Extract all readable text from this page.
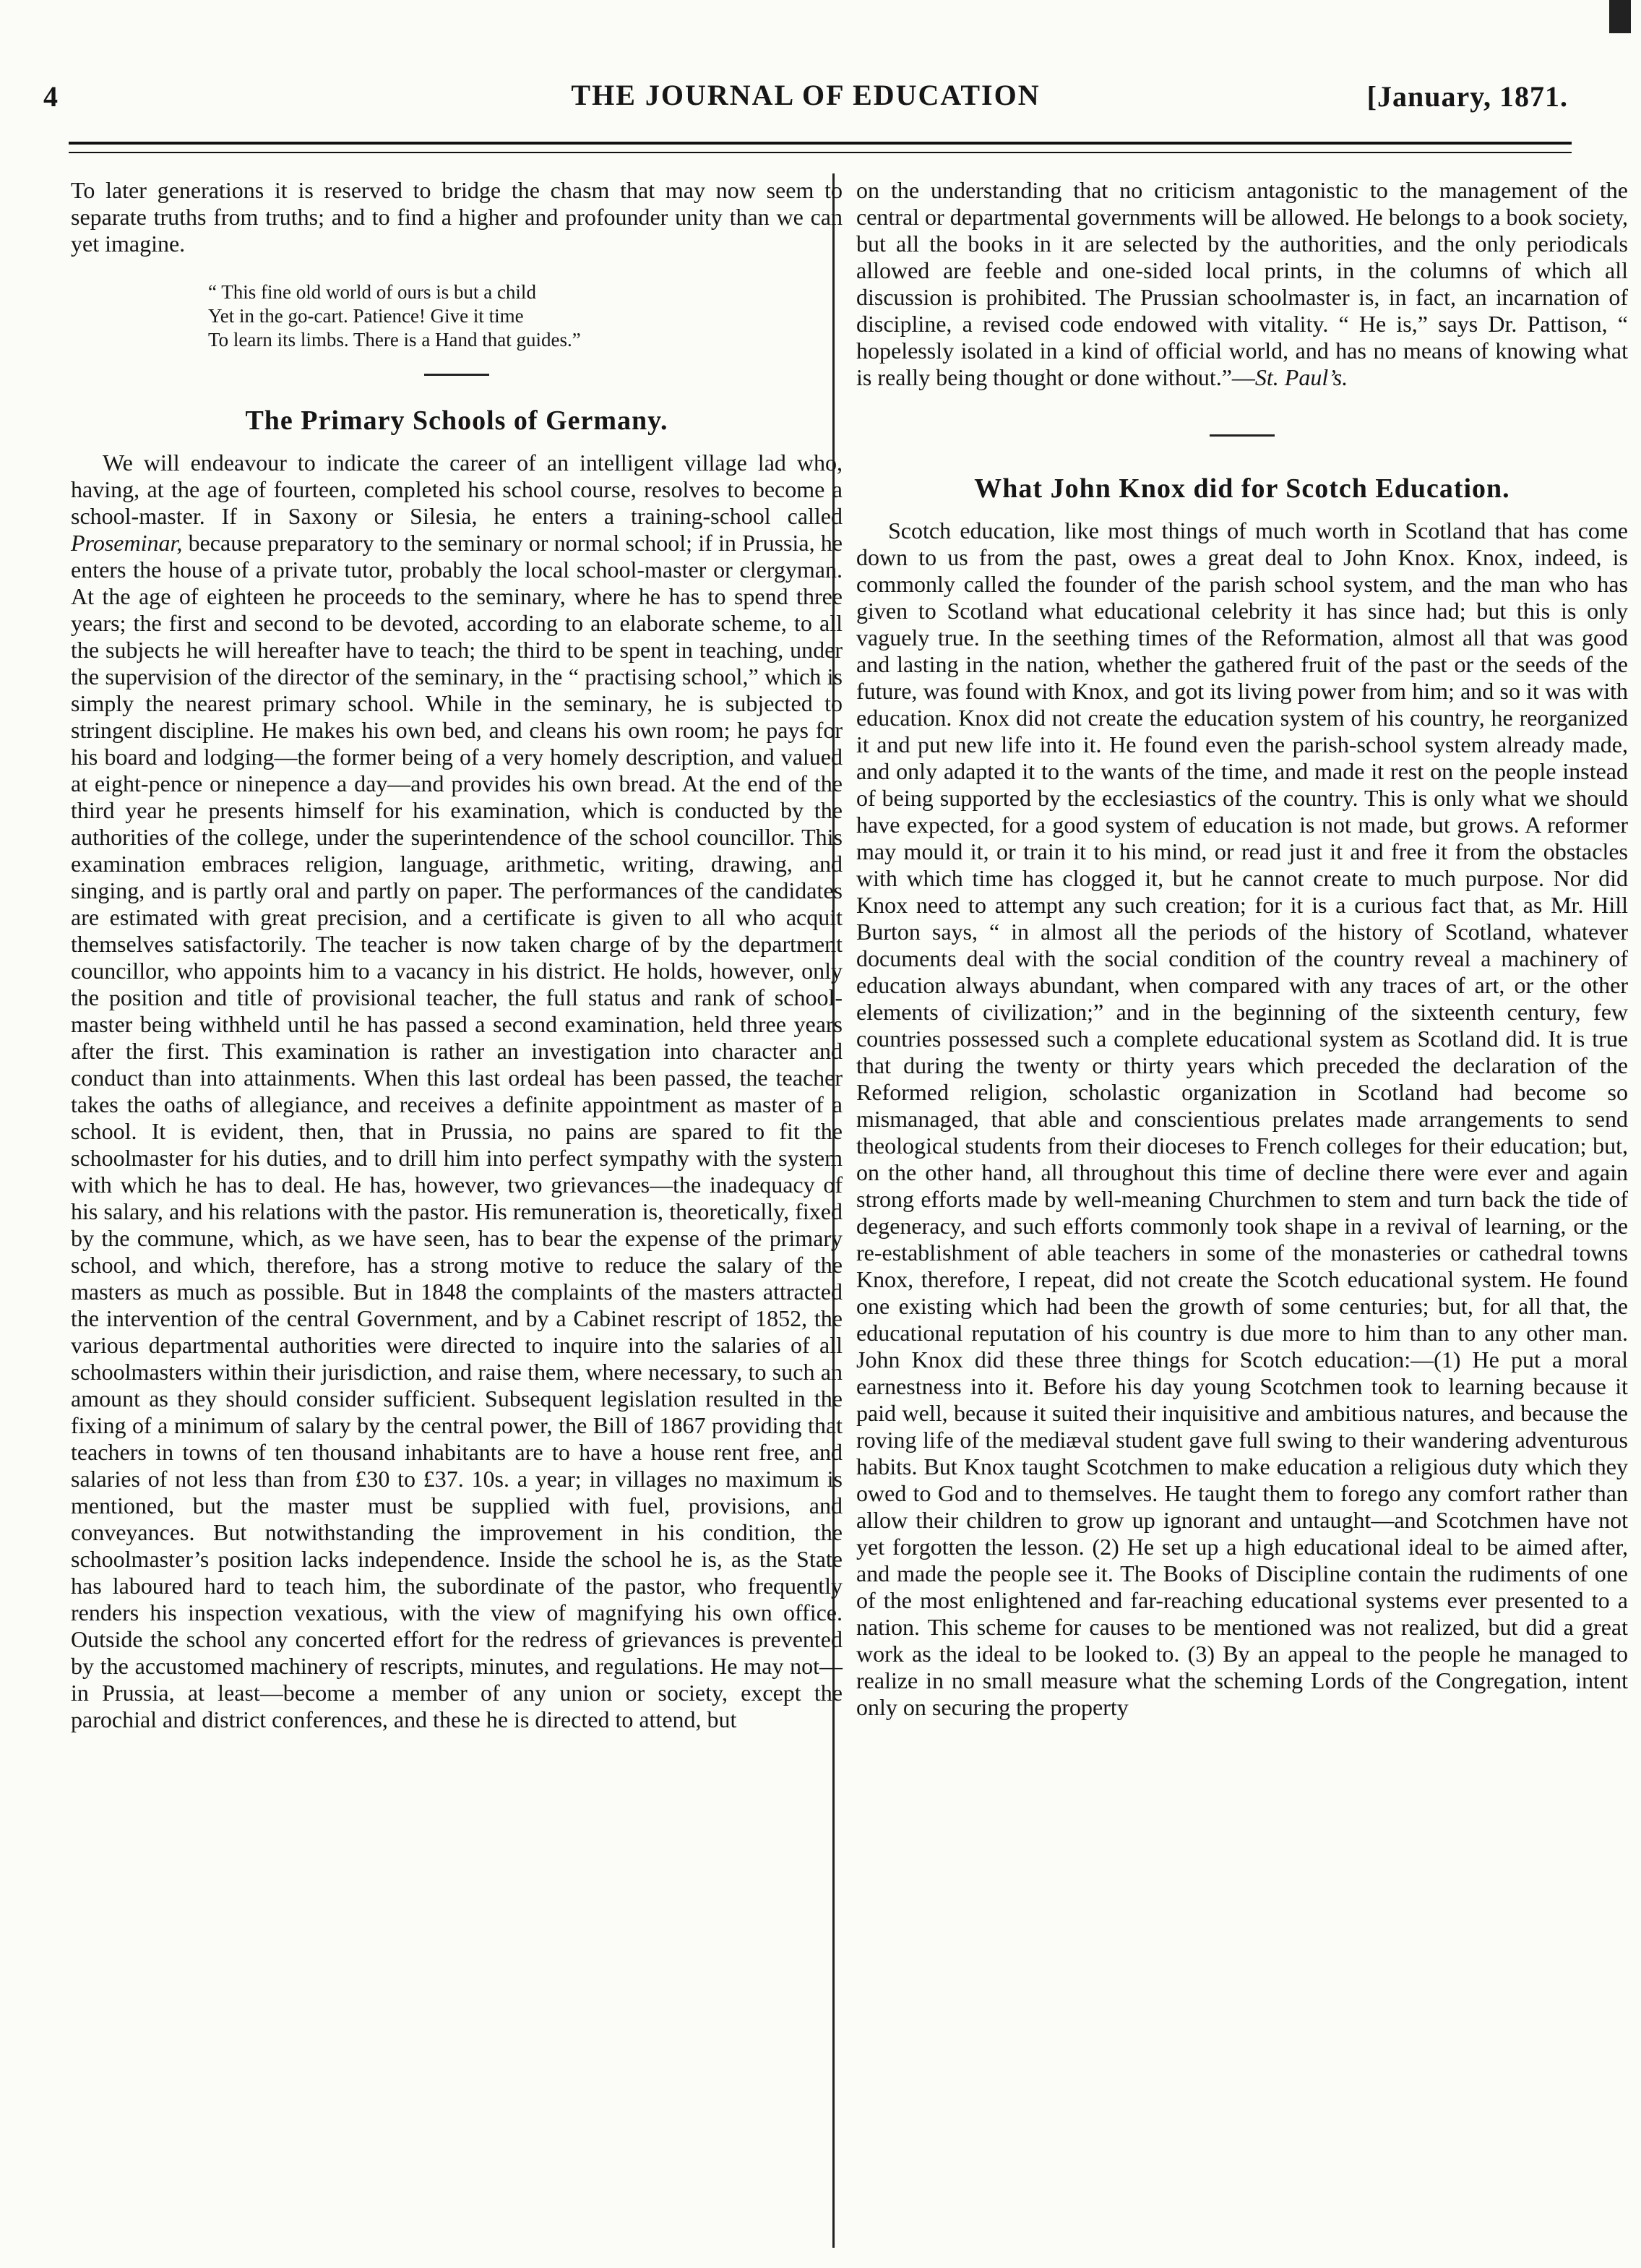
4	THE JOURNAL OF EDUCATION	[January, 1871.

To later generations it is reserved to bridge the chasm that may now seem to separate truths from truths; and to find a higher and profounder unity than we can yet imagine.

“ This fine old world of ours is but a child
Yet in the go-cart. Patience! Give it time
To learn its limbs. There is a Hand that guides.”
The Primary Schools of Germany.

We will endeavour to indicate the career of an intelligent village lad who, having, at the age of fourteen, completed his school course, resolves to become a school-master. If in Saxony or Silesia, he enters a training-school called Proseminar, because preparatory to the seminary or normal school; if in Prussia, he enters the house of a private tutor, probably the local school-master or clergyman. At the age of eighteen he proceeds to the seminary, where he has to spend three years; the first and second to be devoted, according to an elaborate scheme, to all the subjects he will hereafter have to teach; the third to be spent in teaching, under the supervision of the director of the seminary, in the “ practising school,” which is simply the nearest primary school. While in the seminary, he is subjected to stringent discipline. He makes his own bed, and cleans his own room; he pays for his board and lodging—the former being of a very homely description, and valued at eight-pence or ninepence a day—and provides his own bread. At the end of the third year he presents himself for his examination, which is conducted by the authorities of the college, under the superintendence of the school councillor. This examination embraces religion, language, arithmetic, writing, drawing, and singing, and is partly oral and partly on paper. The performances of the candidates are estimated with great precision, and a certificate is given to all who acquit themselves satisfactorily. The teacher is now taken charge of by the department councillor, who appoints him to a vacancy in his district. He holds, however, only the position and title of provisional teacher, the full status and rank of school-master being withheld until he has passed a second examination, held three years after the first. This examination is rather an investigation into character and conduct than into attainments. When this last ordeal has been passed, the teacher takes the oaths of allegiance, and receives a definite appointment as master of a school. It is evident, then, that in Prussia, no pains are spared to fit the schoolmaster for his duties, and to drill him into perfect sympathy with the system with which he has to deal. He has, however, two grievances—the inadequacy of his salary, and his relations with the pastor. His remuneration is, theoretically, fixed by the commune, which, as we have seen, has to bear the expense of the primary school, and which, therefore, has a strong motive to reduce the salary of the masters as much as possible. But in 1848 the complaints of the masters attracted the intervention of the central Government, and by a Cabinet rescript of 1852, the various departmental authorities were directed to inquire into the salaries of all schoolmasters within their jurisdiction, and raise them, where necessary, to such an amount as they should consider sufficient. Subsequent legislation resulted in the fixing of a minimum of salary by the central power, the Bill of 1867 providing that teachers in towns of ten thousand inhabitants are to have a house rent free, and salaries of not less than from £30 to £37. 10s. a year; in villages no maximum is mentioned, but the master must be supplied with fuel, provisions, and conveyances. But notwithstanding the improvement in his condition, the schoolmaster’s position lacks independence. Inside the school he is, as the State has laboured hard to teach him, the subordinate of the pastor, who frequently renders his inspection vexatious, with the view of magnifying his own office. Outside the school any concerted effort for the redress of grievances is prevented by the accustomed machinery of rescripts, minutes, and regulations. He may not—in Prussia, at least—become a member of any union or society, except the parochial and district conferences, and these he is directed to attend, but

on the understanding that no criticism antagonistic to the management of the central or departmental governments will be allowed. He belongs to a book society, but all the books in it are selected by the authorities, and the only periodicals allowed are feeble and one-sided local prints, in the columns of which all discussion is prohibited. The Prussian schoolmaster is, in fact, an incarnation of discipline, a revised code endowed with vitality. “ He is,” says Dr. Pattison, “ hopelessly isolated in a kind of official world, and has no means of knowing what is really being thought or done without.”—St. Paul’s.

What John Knox did for Scotch Education.

Scotch education, like most things of much worth in Scotland that has come down to us from the past, owes a great deal to John Knox. Knox, indeed, is commonly called the founder of the parish school system, and the man who has given to Scotland what educational celebrity it has since had; but this is only vaguely true. In the seething times of the Reformation, almost all that was good and lasting in the nation, whether the gathered fruit of the past or the seeds of the future, was found with Knox, and got its living power from him; and so it was with education. Knox did not create the education system of his country, he reorganized it and put new life into it. He found even the parish-school system already made, and only adapted it to the wants of the time, and made it rest on the people instead of being supported by the ecclesiastics of the country. This is only what we should have expected, for a good system of education is not made, but grows. A reformer may mould it, or train it to his mind, or read just it and free it from the obstacles with which time has clogged it, but he cannot create to much purpose. Nor did Knox need to attempt any such creation; for it is a curious fact that, as Mr. Hill Burton says, “ in almost all the periods of the history of Scotland, whatever documents deal with the social condition of the country reveal a machinery of education always abundant, when compared with any traces of art, or the other elements of civilization;” and in the beginning of the sixteenth century, few countries possessed such a complete educational system as Scotland did. It is true that during the twenty or thirty years which preceded the declaration of the Reformed religion, scholastic organization in Scotland had become so mismanaged, that able and conscientious prelates made arrangements to send theological students from their dioceses to French colleges for their education; but, on the other hand, all throughout this time of decline there were ever and again strong efforts made by well-meaning Churchmen to stem and turn back the tide of degeneracy, and such efforts commonly took shape in a revival of learning, or the re-establishment of able teachers in some of the monasteries or cathedral towns Knox, therefore, I repeat, did not create the Scotch educational system. He found one existing which had been the growth of some centuries; but, for all that, the educational reputation of his country is due more to him than to any other man. John Knox did these three things for Scotch education:—(1) He put a moral earnestness into it. Before his day young Scotchmen took to learning because it paid well, because it suited their inquisitive and ambitious natures, and because the roving life of the mediæval student gave full swing to their wandering adventurous habits. But Knox taught Scotchmen to make education a religious duty which they owed to God and to themselves. He taught them to forego any comfort rather than allow their children to grow up ignorant and untaught—and Scotchmen have not yet forgotten the lesson. (2) He set up a high educational ideal to be aimed after, and made the people see it. The Books of Discipline contain the rudiments of one of the most enlightened and far-reaching educational systems ever presented to a nation. This scheme for causes to be mentioned was not realized, but did a great work as the ideal to be looked to. (3) By an appeal to the people he managed to realize in no small measure what the scheming Lords of the Congregation, intent only on securing the property
